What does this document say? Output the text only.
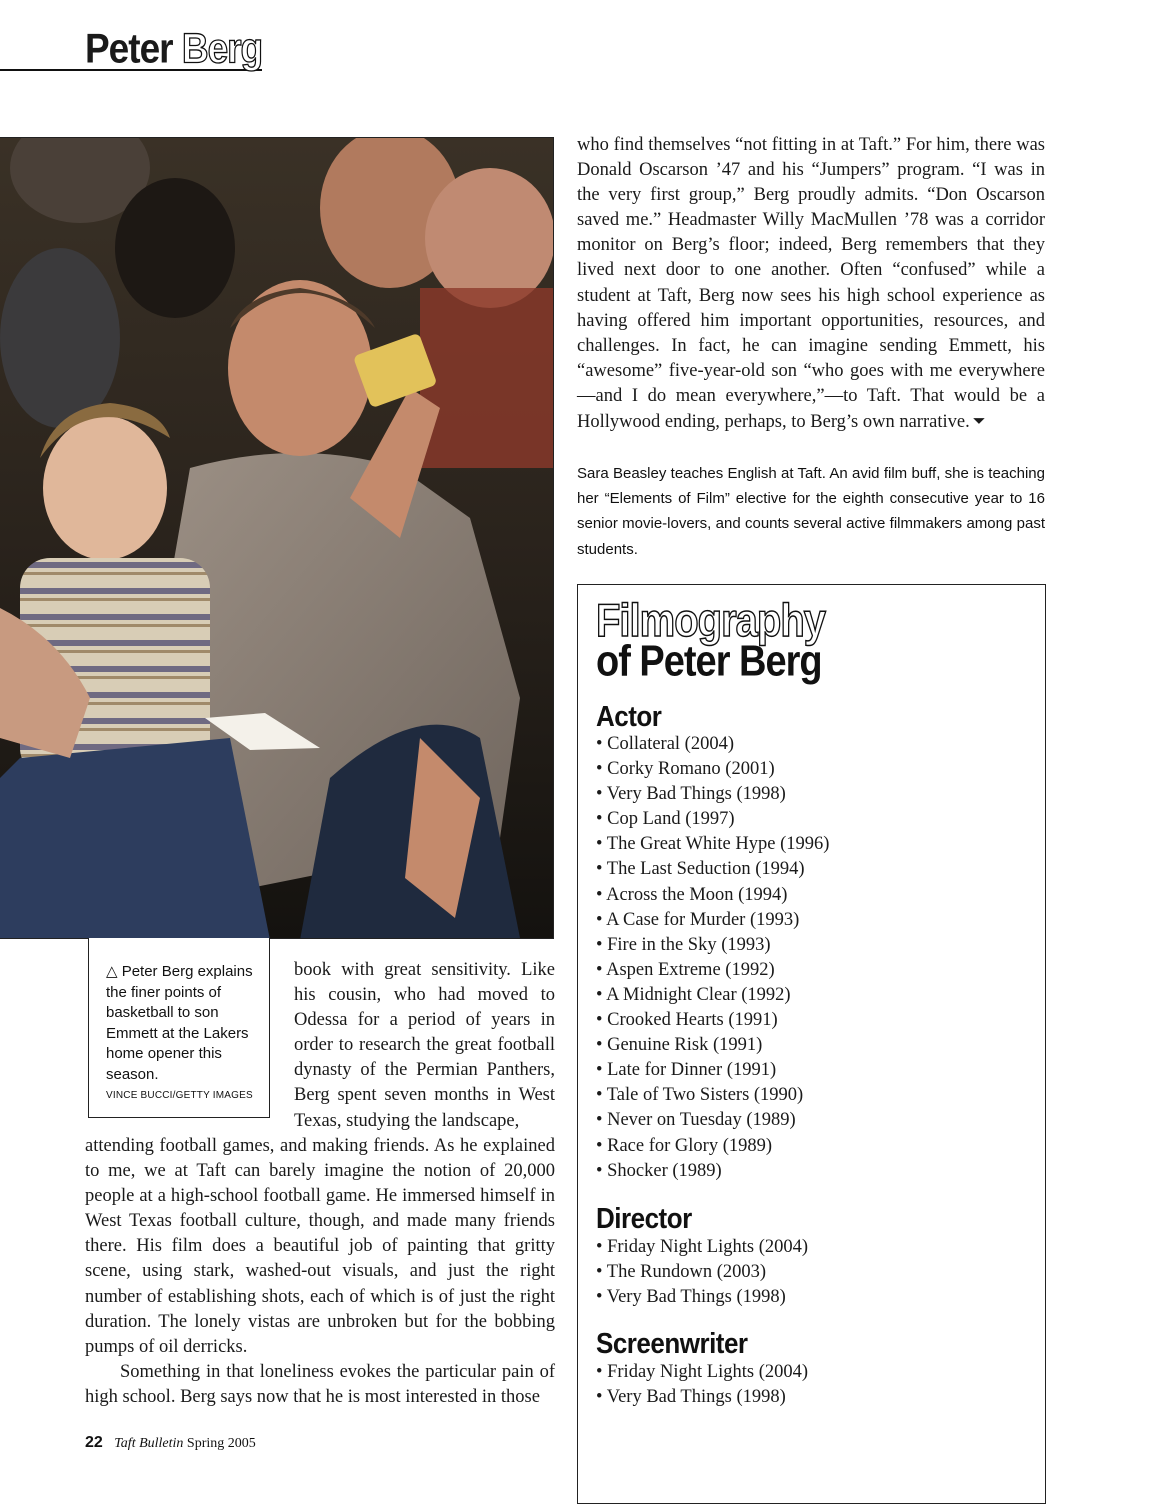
Peter Berg
△ Peter Berg explains the finer points of basketball to son Emmett at the Lakers home opener this season.
VINCE BUCCI/GETTY IMAGES

book with great sensitivity. Like his cousin, who had moved to Odessa for a period of years in order to research the great football dynasty of the Permian Panthers, Berg spent seven months in West Texas, studying the landscape,

attending football games, and making friends. As he explained to me, we at Taft can barely imagine the notion of 20,000 people at a high-school football game. He immersed himself in West Texas football culture, though, and made many friends there. His film does a beautiful job of painting that gritty scene, using stark, washed-out visuals, and just the right number of establishing shots, each of which is of just the right duration. The lonely vistas are unbroken but for the bobbing pumps of oil derricks.

Something in that loneliness evokes the particular pain of high school. Berg says now that he is most interested in those

who find themselves “not fitting in at Taft.” For him, there was Donald Oscarson ’47 and his “Jumpers” program. “I was in the very first group,” Berg proudly admits. “Don Oscarson saved me.” Headmaster Willy MacMullen ’78 was a corridor monitor on Berg’s floor; indeed, Berg remembers that they lived next door to one another. Often “confused” while a student at Taft, Berg now sees his high school experience as having offered him important opportunities, resources, and challenges. In fact, he can imagine sending Emmett, his “awesome” five-year-old son “who goes with me everywhere—and I do mean everywhere,”—to Taft. That would be a Hollywood ending, perhaps, to Berg’s own narrative. ⏷

Sara Beasley teaches English at Taft. An avid film buff, she is teaching her “Elements of Film” elective for the eighth consecutive year to 16 senior movie-lovers, and counts several active filmmakers among past students.
Filmography
of Peter Berg
Actor
• Collateral (2004)
• Corky Romano (2001)
• Very Bad Things (1998)
• Cop Land (1997)
• The Great White Hype (1996)
• The Last Seduction (1994)
• Across the Moon (1994)
• A Case for Murder (1993)
• Fire in the Sky (1993)
• Aspen Extreme (1992)
• A Midnight Clear (1992)
• Crooked Hearts (1991)
• Genuine Risk (1991)
• Late for Dinner (1991)
• Tale of Two Sisters (1990)
• Never on Tuesday (1989)
• Race for Glory (1989)
• Shocker (1989)
Director
• Friday Night Lights (2004)
• The Rundown (2003)
• Very Bad Things (1998)
Screenwriter
• Friday Night Lights (2004)
• Very Bad Things (1998)
22 Taft Bulletin Spring 2005
